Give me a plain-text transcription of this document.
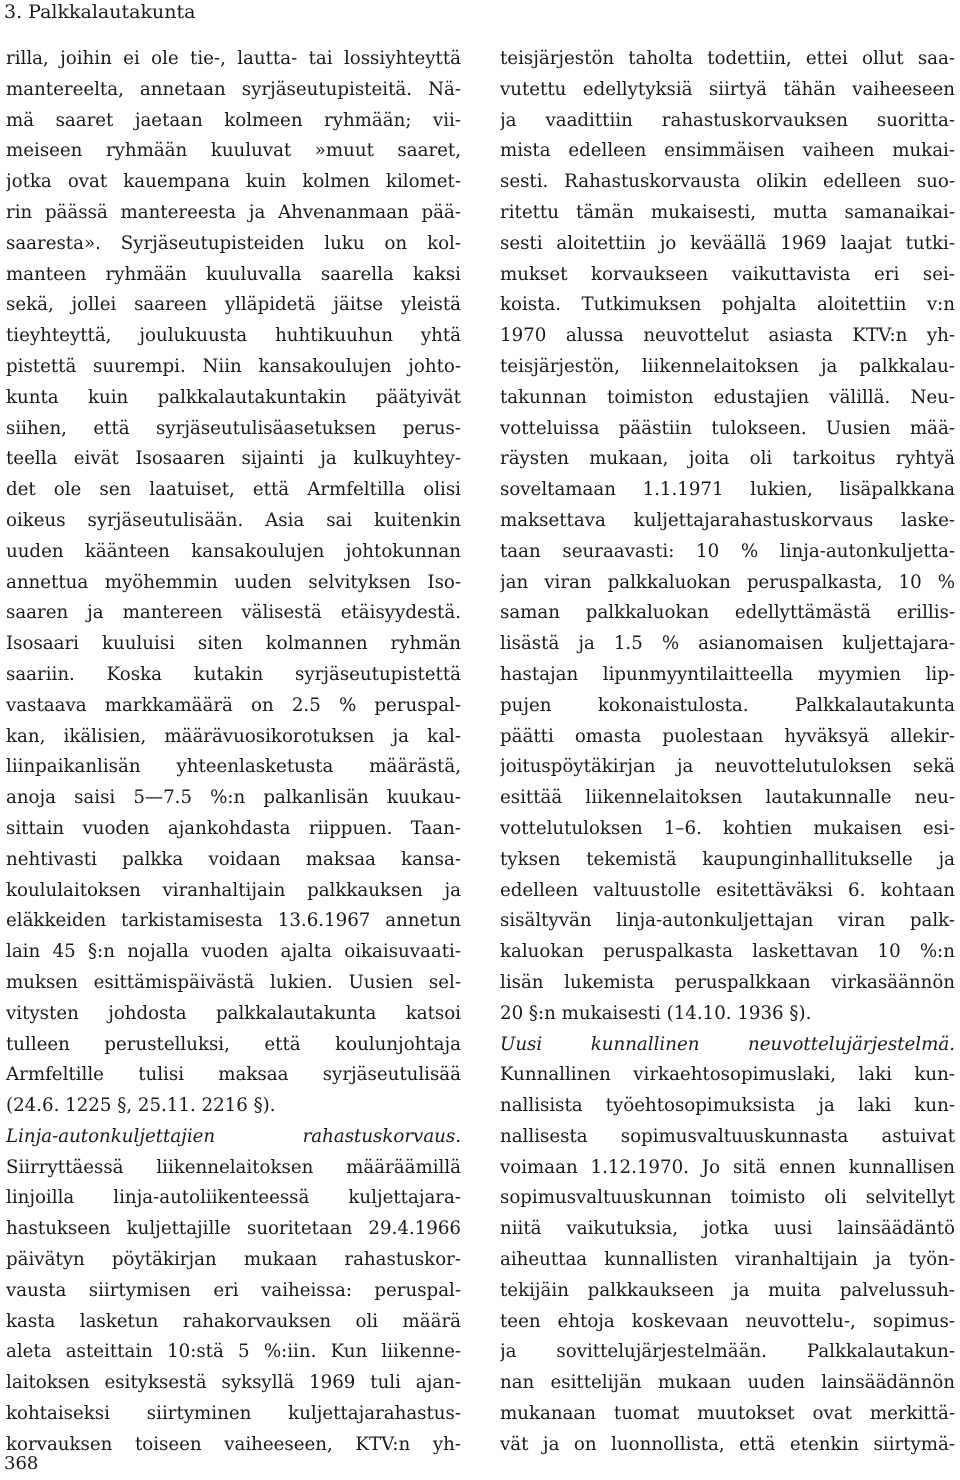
3. Palkkalautakunta
rilla, joihin ei ole tie-, lautta- tai lossiyhteyttä
mantereelta, annetaan syrjäseutupisteitä. Nä-
mä saaret jaetaan kolmeen ryhmään; vii-
meiseen ryhmään kuuluvat »muut saaret,
jotka ovat kauempana kuin kolmen kilomet-
rin päässä mantereesta ja Ahvenanmaan pää-
saaresta». Syrjäseutupisteiden luku on kol-
manteen ryhmään kuuluvalla saarella kaksi
sekä, jollei saareen ylläpidetä jäitse yleistä
tieyhteyttä, joulukuusta huhtikuuhun yhtä
pistettä suurempi. Niin kansakoulujen johto-
kunta kuin palkkalautakuntakin päätyivät
siihen, että syrjäseutulisäasetuksen perus-
teella eivät Isosaaren sijainti ja kulkuyhtey-
det ole sen laatuiset, että Armfeltilla olisi
oikeus syrjäseutulisään. Asia sai kuitenkin
uuden käänteen kansakoulujen johtokunnan
annettua myöhemmin uuden selvityksen Iso-
saaren ja mantereen välisestä etäisyydestä.
Isosaari kuuluisi siten kolmannen ryhmän
saariin. Koska kutakin syrjäseutupistettä
vastaava markkamäärä on 2.5 % peruspal-
kan, ikälisien, määrävuosikorotuksen ja kal-
liinpaikanlisän yhteenlasketusta määrästä,
anoja saisi 5—7.5 %:n palkanlisän kuukau-
sittain vuoden ajankohdasta riippuen. Taan-
nehtivasti palkka voidaan maksaa kansa-
koululaitoksen viranhaltijain palkkauksen ja
eläkkeiden tarkistamisesta 13.6.1967 annetun
lain 45 §:n nojalla vuoden ajalta oikaisuvaati-
muksen esittämispäivästä lukien. Uusien sel-
vitysten johdosta palkkalautakunta katsoi
tulleen perustelluksi, että koulunjohtaja
Armfeltille tulisi maksaa syrjäseutulisää
(24.6. 1225 §, 25.11. 2216 §).
Linja-autonkuljettajien rahastuskorvaus.
Siirryttäessä liikennelaitoksen määräämillä
linjoilla linja-autoliikenteessä kuljettajara-
hastukseen kuljettajille suoritetaan 29.4.1966
päivätyn pöytäkirjan mukaan rahastuskor-
vausta siirtymisen eri vaiheissa: peruspal-
kasta lasketun rahakorvauksen oli määrä
aleta asteittain 10:stä 5 %:iin. Kun liikenne-
laitoksen esityksestä syksyllä 1969 tuli ajan-
kohtaiseksi siirtyminen kuljettajarahastus-
korvauksen toiseen vaiheeseen, KTV:n yh-
teisjärjestön taholta todettiin, ettei ollut saa-
vutettu edellytyksiä siirtyä tähän vaiheeseen
ja vaadittiin rahastuskorvauksen suoritta-
mista edelleen ensimmäisen vaiheen mukai-
sesti. Rahastuskorvausta olikin edelleen suo-
ritettu tämän mukaisesti, mutta samanaikai-
sesti aloitettiin jo keväällä 1969 laajat tutki-
mukset korvaukseen vaikuttavista eri sei-
koista. Tutkimuksen pohjalta aloitettiin v:n
1970 alussa neuvottelut asiasta KTV:n yh-
teisjärjestön, liikennelaitoksen ja palkkalau-
takunnan toimiston edustajien välillä. Neu-
votteluissa päästiin tulokseen. Uusien mää-
räysten mukaan, joita oli tarkoitus ryhtyä
soveltamaan 1.1.1971 lukien, lisäpalkkana
maksettava kuljettajarahastuskorvaus laske-
taan seuraavasti: 10 % linja-autonkuljetta-
jan viran palkkaluokan peruspalkasta, 10 %
saman palkkaluokan edellyttämästä erillis-
lisästä ja 1.5 % asianomaisen kuljettajara-
hastajan lipunmyyntilaitteella myymien lip-
pujen kokonaistulosta. Palkkalautakunta
päätti omasta puolestaan hyväksyä allekir-
joituspöytäkirjan ja neuvottelutuloksen sekä
esittää liikennelaitoksen lautakunnalle neu-
vottelutuloksen 1–6. kohtien mukaisen esi-
tyksen tekemistä kaupunginhallitukselle ja
edelleen valtuustolle esitettäväksi 6. kohtaan
sisältyvän linja-autonkuljettajan viran palk-
kaluokan peruspalkasta laskettavan 10 %:n
lisän lukemista peruspalkkaan virkasäännön
20 §:n mukaisesti (14.10. 1936 §).
Uusi kunnallinen neuvottelujärjestelmä.
Kunnallinen virkaehtosopimuslaki, laki kun-
nallisista työehtosopimuksista ja laki kun-
nallisesta sopimusvaltuuskunnasta astuivat
voimaan 1.12.1970. Jo sitä ennen kunnallisen
sopimusvaltuuskunnan toimisto oli selvitellyt
niitä vaikutuksia, jotka uusi lainsäädäntö
aiheuttaa kunnallisten viranhaltijain ja työn-
tekijäin palkkaukseen ja muita palvelussuh-
teen ehtoja koskevaan neuvottelu-, sopimus-
ja sovittelujärjestelmään. Palkkalautakun-
nan esittelijän mukaan uuden lainsäädännön
mukanaan tuomat muutokset ovat merkittä-
vät ja on luonnollista, että etenkin siirtymä-
368
